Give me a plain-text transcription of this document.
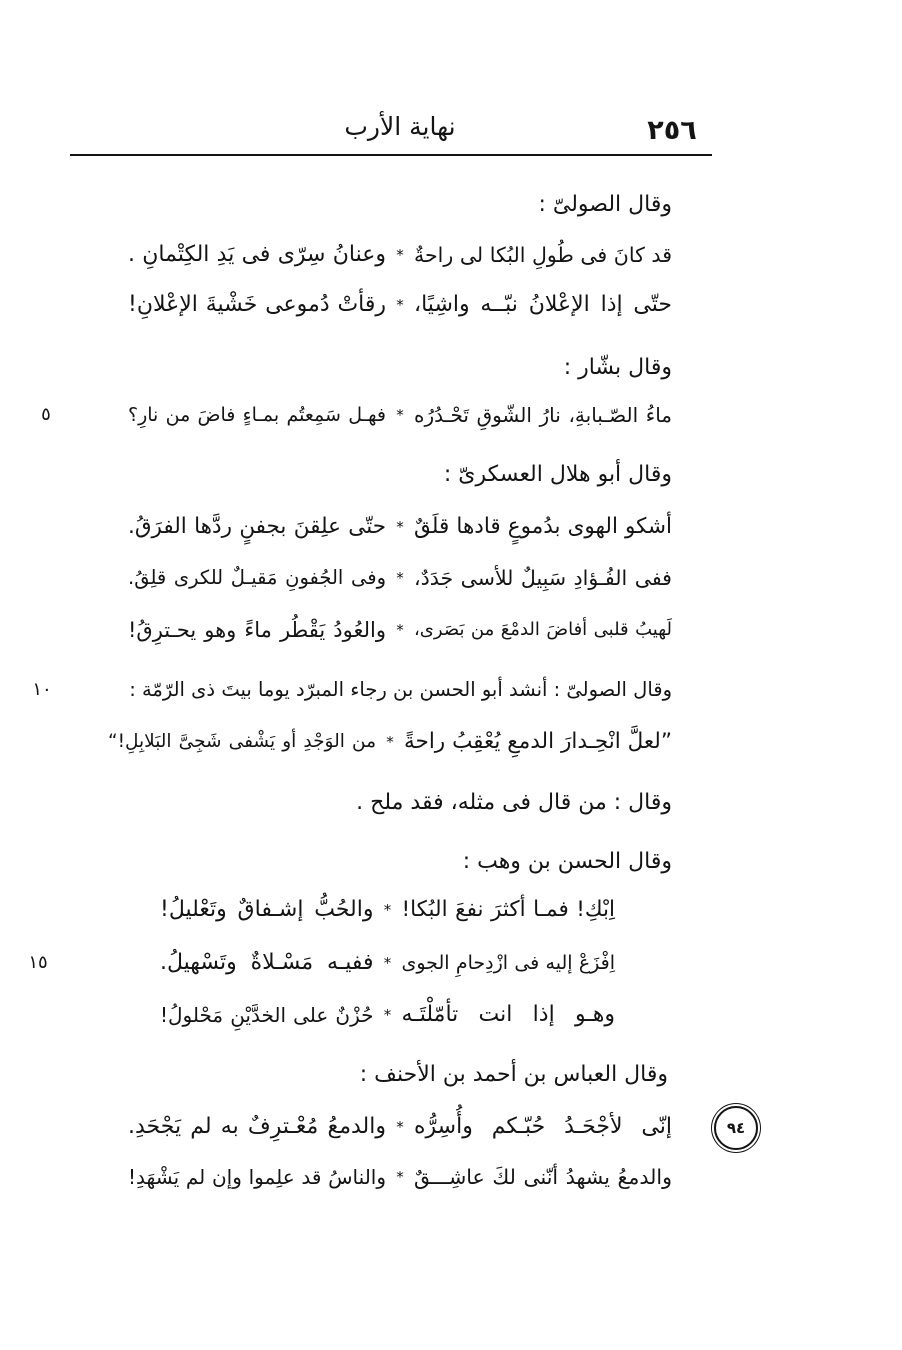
٢٥٦
نهاية الأرب
وقال الصولىّ :
قد كانَ فى طُولِ البُكا لى راحةٌ
*
وعنانُ سِرّى فى يَدِ الكِتْمانِ .
حتّى إذا الإعْلانُ نبّــه واشِيًا،
*
رقأتْ دُموعى خَشْيةَ الإعْلانِ!
وقال بشّار :
ماءُ الصّـبابةِ، نارُ الشّوقِ تَحْـدُرُه
*
فهـل سَمِعتُم بمـاءٍ فاضَ من نارِ؟
وقال أبو هلال العسكرىّ :
أشكو الهوى بدُموعٍ قادها قلَقٌ
*
حتّى علِقنَ بجفنٍ ردَّها الفرَقُ.
ففى الفُـؤادِ سَبِيلٌ للأسى جَدَدٌ،
*
وفى الجُفونِ مَقيـلٌ للكرى قلِقُ.
لَهيبُ قلبى أفاضَ الدمْعَ من بَصَرى،
*
والعُودُ يَقْطُر ماءً وهو يحـترِقُ!
وقال الصولىّ : أنشد أبو الحسن بن رجاء المبرّد يوما بيتَ ذى الرّمّة :
”لعلَّ انْحِـدارَ الدمعِ يُعْقِبُ راحةً
*
من الوَجْدِ أو يَشْفى شَجِىَّ البَلابِلِ!“
وقال : من قال فى مثله، فقد ملح .
وقال الحسن بن وهب :
اِبْكِ! فمـا أكثرَ نفعَ البُكا!
*
والحُبُّ إشـفاقٌ وتَعْليلُ!
اِفْزَعْ إليه فى ازْدِحامِ الجوى
*
ففيـه مَسْـلاةٌ وتَسْهيلُ.
وهـو إذا انت تأمّلْتَـه
*
حُزْنٌ على الخدَّيْنِ مَحْلولُ!
وقال العباس بن أحمد بن الأحنف :
إنّى لأجْحَـدُ حُبّـكم وأُسِرُّه
*
والدمعُ مُعْـترِفٌ به لم يَجْحَدِ.
والدمعُ يشهدُ أنّنى لكَ عاشِـــقٌ
*
والناسُ قد علِموا وإن لم يَشْهَدِ!
٥
١٠
١٥
٩٤
